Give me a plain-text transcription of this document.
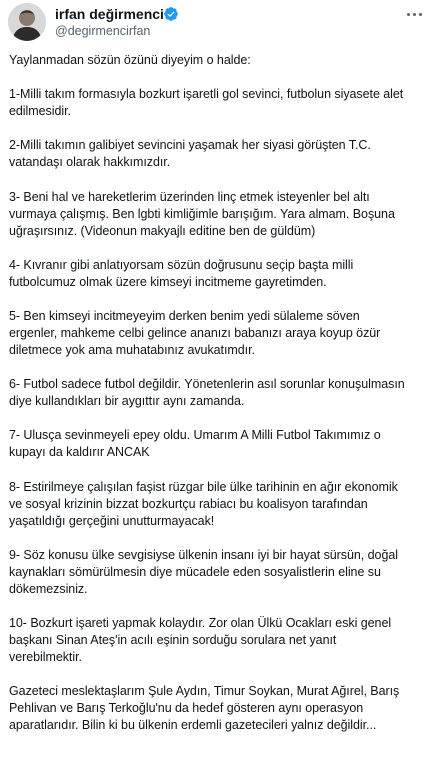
irfan değirmenci
@degirmencirfan
Yaylanmadan sözün özünü diyeyim o halde:
1-Milli takım formasıyla bozkurt işaretli gol sevinci, futbolun siyasete alet
edilmesidir.
2-Milli takımın galibiyet sevincini yaşamak her siyasi görüşten T.C.
vatandaşı olarak hakkımızdır.
3- Beni hal ve hareketlerim üzerinden linç etmek isteyenler bel altı
vurmaya çalışmış. Ben lgbti kimliğimle barışığım. Yara almam. Boşuna
uğraşırsınız. (Videonun makyajlı editine ben de güldüm)
4- Kıvranır gibi anlatıyorsam sözün doğrusunu seçip başta milli
futbolcumuz olmak üzere kimseyi incitmeme gayretimden.
5- Ben kimseyi incitmeyeyim derken benim yedi sülaleme söven
ergenler, mahkeme celbi gelince ananızı babanızı araya koyup özür
diletmece yok ama muhatabınız avukatımdır.
6- Futbol sadece futbol değildir. Yönetenlerin asıl sorunlar konuşulmasın
diye kullandıkları bir aygıttır aynı zamanda.
7- Ulusça sevinmeyeli epey oldu. Umarım A Milli Futbol Takımımız o
kupayı da kaldırır ANCAK
8- Estirilmeye çalışılan faşist rüzgar bile ülke tarihinin en ağır ekonomik
ve sosyal krizinin bizzat bozkurtçu rabiacı bu koalisyon tarafından
yaşatıldığı gerçeğini unutturmayacak!
9- Söz konusu ülke sevgisiyse ülkenin insanı iyi bir hayat sürsün, doğal
kaynakları sömürülmesin diye mücadele eden sosyalistlerin eline su
dökemezsiniz.
10- Bozkurt işareti yapmak kolaydır. Zor olan Ülkü Ocakları eski genel
başkanı Sinan Ateş'in acılı eşinin sorduğu sorulara net yanıt
verebilmektir.
Gazeteci meslektaşlarım Şule Aydın, Timur Soykan, Murat Ağırel, Barış
Pehlivan ve Barış Terkoğlu'nu da hedef gösteren aynı operasyon
aparatlarıdır. Bilin ki bu ülkenin erdemli gazetecileri yalnız değildir...
